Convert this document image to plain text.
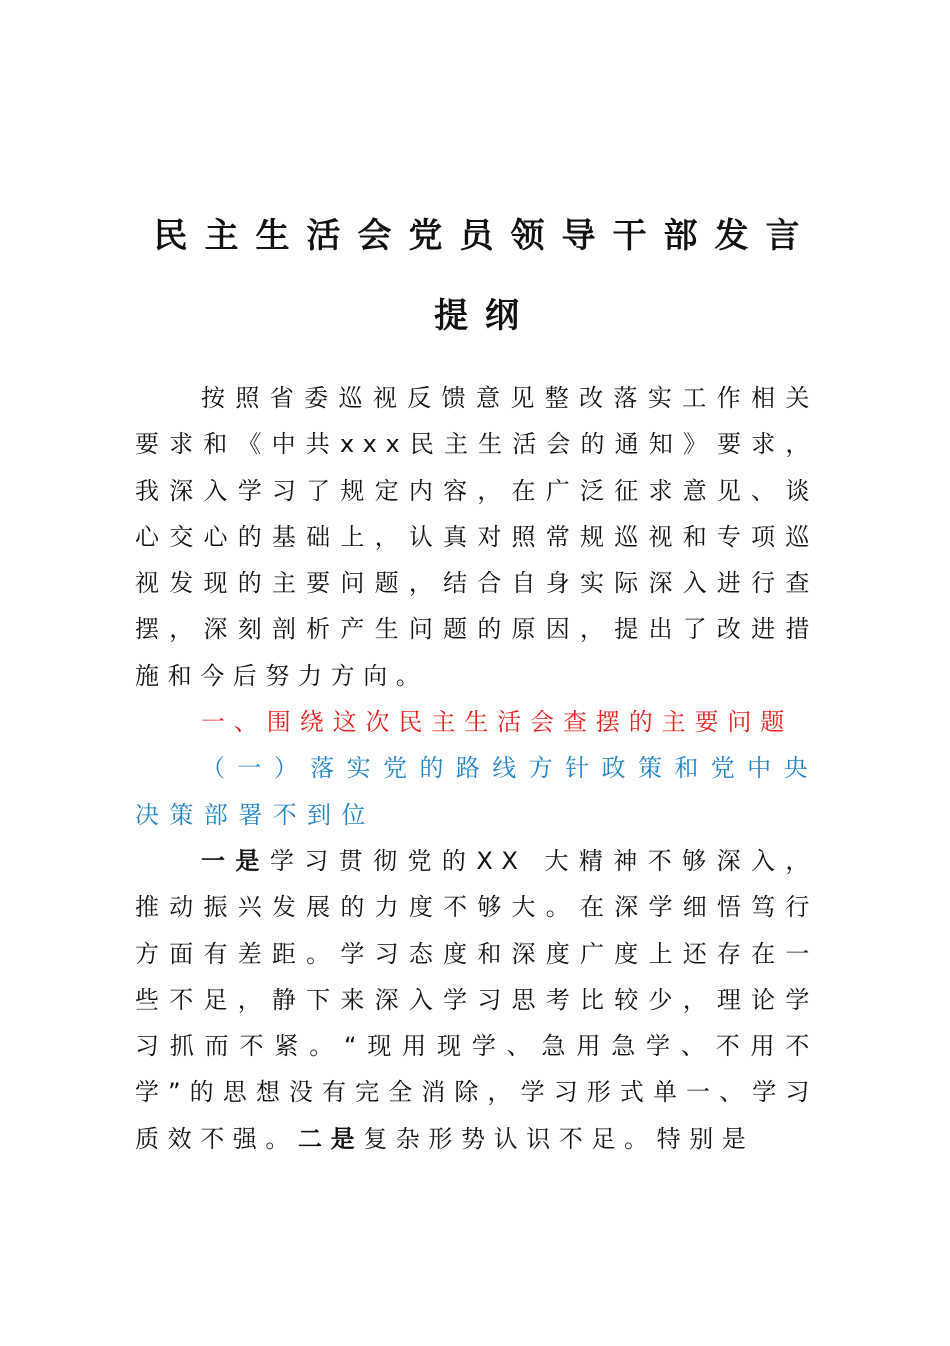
民主生活会党员领导干部发言
提纲

按照省委巡视反馈意见整改落实工作相关要求和《中共xxx民主生活会的通知》要求，我深入学习了规定内容，在广泛征求意见、谈心交心的基础上，认真对照常规巡视和专项巡视发现的主要问题，结合自身实际深入进行查摆，深刻剖析产生问题的原因，提出了改进措施和今后努力方向。

一、围绕这次民主生活会查摆的主要问题

（一）落实党的路线方针政策和党中央决策部署不到位

一是学习贯彻党的XX 大精神不够深入，推动振兴发展的力度不够大。在深学细悟笃行方面有差距。学习态度和深度广度上还存在一些不足，静下来深入学习思考比较少，理论学习抓而不紧。“现用现学、急用急学、不用不学”的思想没有完全消除，学习形式单一、学习质效不强。二是复杂形势认识不足。特别是
